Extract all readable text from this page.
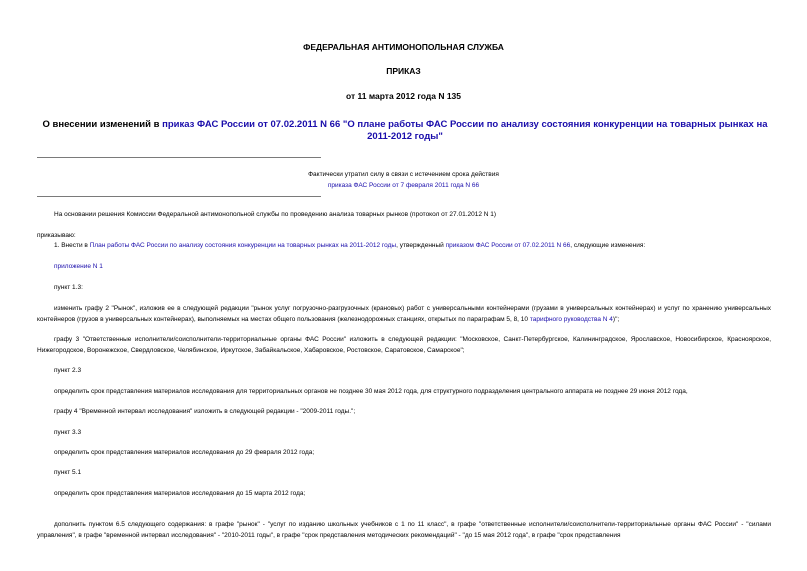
ФЕДЕРАЛЬНАЯ АНТИМОНОПОЛЬНАЯ СЛУЖБА
ПРИКАЗ
от 11 марта 2012 года N 135
О внесении изменений в приказ ФАС России от 07.02.2011 N 66 "О плане работы ФАС России по анализу состояния конкуренции на товарных рынках на 2011-2012 годы"
Фактически утратил силу в связи с истечением срока действия
приказа ФАС России от 7 февраля 2011 года N 66
На основании решения Комиссии Федеральной антимонопольной службы по проведению анализа товарных рынков (протокол от 27.01.2012 N 1)
приказываю:
1. Внести в План работы ФАС России по анализу состояния конкуренции на товарных рынках на 2011-2012 годы, утвержденный приказом ФАС России от 07.02.2011 N 66, следующие изменения:
приложение N 1
пункт 1.3:
изменить графу 2 "Рынок", изложив ее в следующей редакции "рынок услуг погрузочно-разгрузочных (крановых) работ с универсальными контейнерами (грузами в универсальных контейнерах) и услуг по хранению универсальных контейнеров (грузов в универсальных контейнерах), выполняемых на местах общего пользования (железнодорожных станциях, открытых по параграфам 5, 8, 10 тарифного руководства N 4)";
графу 3 "Ответственные исполнители/соисполнители-территориальные органы ФАС России" изложить в следующей редакции: "Московское, Санкт-Петербургское, Калининградское, Ярославское, Новосибирское, Красноярское, Нижегородское, Воронежское, Свердловское, Челябинское, Иркутское, Забайкальское, Хабаровское, Ростовское, Саратовское, Самарское";
пункт 2.3
определить срок представления материалов исследования для территориальных органов не позднее 30 мая 2012 года, для структурного подразделения центрального аппарата не позднее 29 июня 2012 года,
графу 4 "Временной интервал исследования" изложить в следующей редакции - "2009-2011 годы.";
пункт 3.3
определить срок представления материалов исследования до 29 февраля 2012 года;
пункт 5.1
определить срок представления материалов исследования до 15 марта 2012 года;
дополнить пунктом 6.5 следующего содержания: в графе "рынок" - "услуг по изданию школьных учебников с 1 по 11 класс", в графе "ответственные исполнители/соисполнители-территориальные органы ФАС России" - "силами управления", в графе "временной интервал исследования" - "2010-2011 годы", в графе "срок представления методических рекомендаций" - "до 15 мая 2012 года", в графе "срок представления
